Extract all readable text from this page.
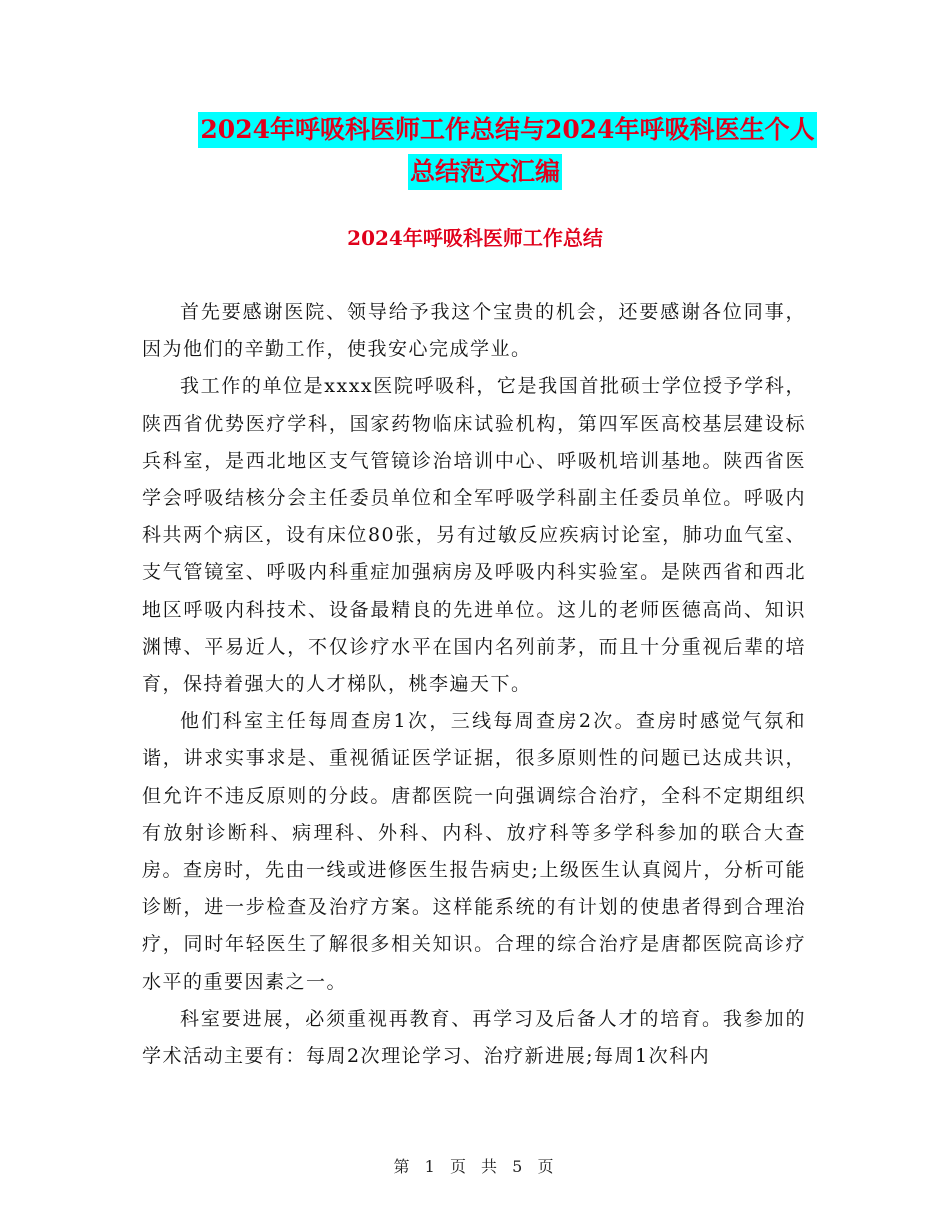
2024年呼吸科医师工作总结与2024年呼吸科医生个人
总结范文汇编
2024年呼吸科医师工作总结

首先要感谢医院、领导给予我这个宝贵的机会，还要感谢各位同事，因为他们的辛勤工作，使我安心完成学业。

我工作的单位是xxxx医院呼吸科，它是我国首批硕士学位授予学科，陕西省优势医疗学科，国家药物临床试验机构，第四军医高校基层建设标兵科室，是西北地区支气管镜诊治培训中心、呼吸机培训基地。陕西省医学会呼吸结核分会主任委员单位和全军呼吸学科副主任委员单位。呼吸内科共两个病区，设有床位80张，另有过敏反应疾病讨论室，肺功血气室、支气管镜室、呼吸内科重症加强病房及呼吸内科实验室。是陕西省和西北地区呼吸内科技术、设备最精良的先进单位。这儿的老师医德高尚、知识渊博、平易近人，不仅诊疗水平在国内名列前茅，而且十分重视后辈的培育，保持着强大的人才梯队，桃李遍天下。

他们科室主任每周查房1次，三线每周查房2次。查房时感觉气氛和谐，讲求实事求是、重视循证医学证据，很多原则性的问题已达成共识，但允许不违反原则的分歧。唐都医院一向强调综合治疗，全科不定期组织有放射诊断科、病理科、外科、内科、放疗科等多学科参加的联合大查房。查房时，先由一线或进修医生报告病史;上级医生认真阅片，分析可能诊断，进一步检查及治疗方案。这样能系统的有计划的使患者得到合理治疗，同时年轻医生了解很多相关知识。合理的综合治疗是唐都医院高诊疗水平的重要因素之一。

科室要进展，必须重视再教育、再学习及后备人才的培育。我参加的学术活动主要有：每周2次理论学习、治疗新进展;每周1次科内

第 1 页 共 5 页
